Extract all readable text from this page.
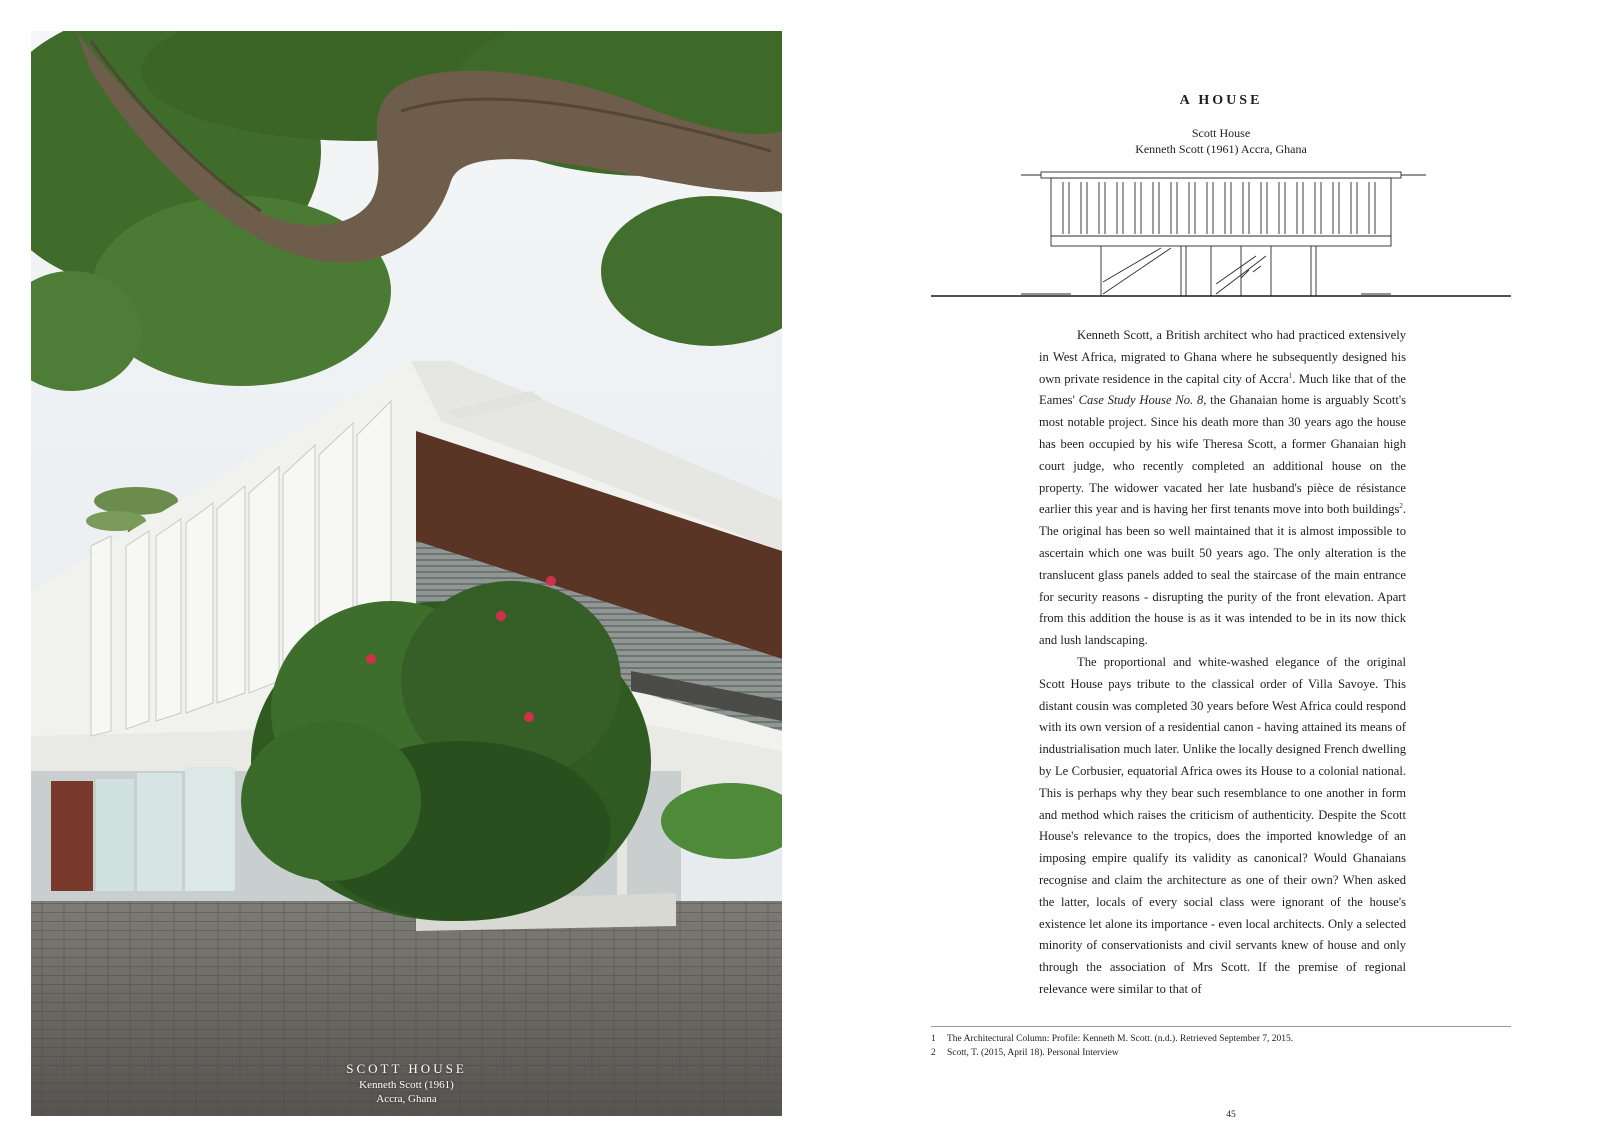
SCOTT HOUSE
Kenneth Scott (1961)
Accra, Ghana
A HOUSE
Scott House
Kenneth Scott (1961) Accra, Ghana

Kenneth Scott, a British architect who had practiced extensively in West Africa, migrated to Ghana where he subsequently designed his own private residence in the capital city of Accra$^1$. Much like that of the Eames' Case Study House No. 8, the Ghanaian home is arguably Scott's most notable project. Since his death more than 30 years ago the house has been occupied by his wife Theresa Scott, a former Ghanaian high court judge, who recently completed an additional house on the property. The widower vacated her late husband's pièce de résistance earlier this year and is having her first tenants move into both buildings$^2$. The original has been so well maintained that it is almost impossible to ascertain which one was built 50 years ago. The only alteration is the translucent glass panels added to seal the staircase of the main entrance for security reasons - disrupting the purity of the front elevation. Apart from this addition the house is as it was intended to be in its now thick and lush landscaping.

The proportional and white-washed elegance of the original Scott House pays tribute to the classical order of Villa Savoye. This distant cousin was completed 30 years before West Africa could respond with its own version of a residential canon - having attained its means of industrialisation much later. Unlike the locally designed French dwelling by Le Corbusier, equatorial Africa owes its House to a colonial national. This is perhaps why they bear such resemblance to one another in form and method which raises the criticism of authenticity. Despite the Scott House's relevance to the tropics, does the imported knowledge of an imposing empire qualify its validity as canonical? Would Ghanaians recognise and claim the architecture as one of their own? When asked the latter, locals of every social class were ignorant of the house's existence let alone its importance - even local architects. Only a selected minority of conservationists and civil servants knew of house and only through the association of Mrs Scott. If the premise of regional relevance were similar to that of

1	The Architectural Column: Profile: Kenneth M. Scott. (n.d.). Retrieved September 7, 2015.
2	Scott, T. (2015, April 18). Personal Interview
45
